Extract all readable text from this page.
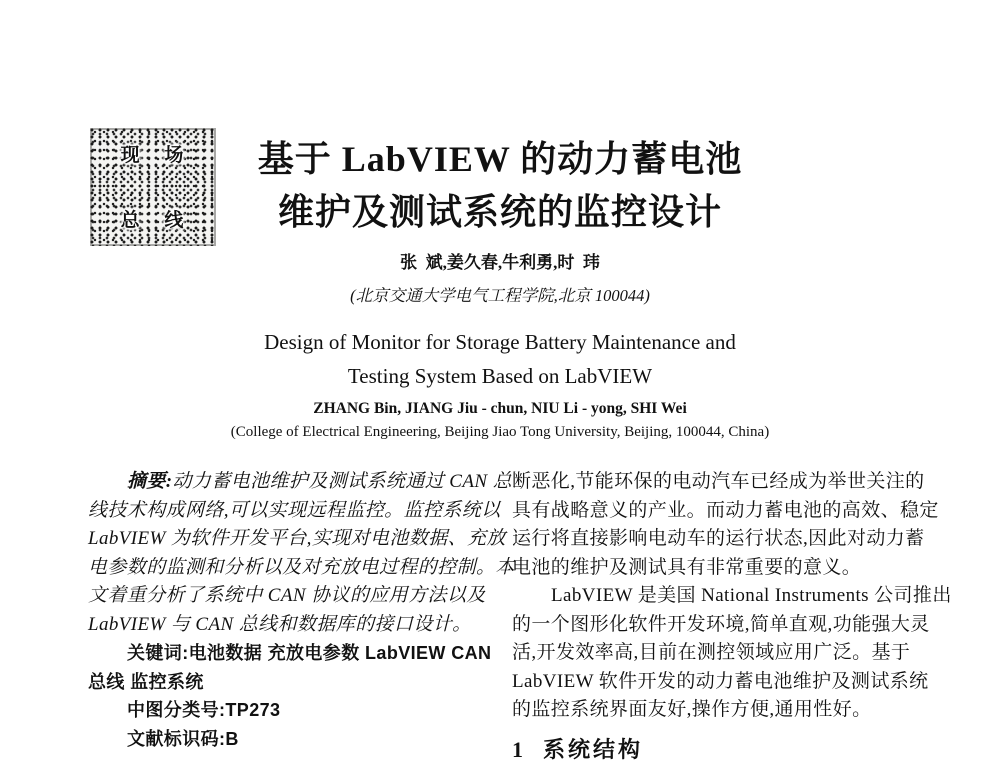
现 场
总 线
基于 LabVIEW 的动力蓄电池
维护及测试系统的监控设计
张  斌,姜久春,牛利勇,时  玮
(北京交通大学电气工程学院,北京 100044)
Design of Monitor for Storage Battery Maintenance and
Testing System Based on LabVIEW
ZHANG Bin, JIANG Jiu - chun, NIU Li - yong, SHI Wei
(College of Electrical Engineering, Beijing Jiao Tong University, Beijing, 100044, China)
摘要:动力蓄电池维护及测试系统通过 CAN 总
线技术构成网络,可以实现远程监控。监控系统以
LabVIEW 为软件开发平台,实现对电池数据、充放
电参数的监测和分析以及对充放电过程的控制。本
文着重分析了系统中 CAN 协议的应用方法以及
LabVIEW 与 CAN 总线和数据库的接口设计。
关键词:电池数据 充放电参数 LabVIEW CAN
总线 监控系统
中图分类号:TP273
文献标识码:B
断恶化,节能环保的电动汽车已经成为举世关注的
具有战略意义的产业。而动力蓄电池的高效、稳定
运行将直接影响电动车的运行状态,因此对动力蓄
电池的维护及测试具有非常重要的意义。
LabVIEW 是美国 National Instruments 公司推出
的一个图形化软件开发环境,简单直观,功能强大灵
活,开发效率高,目前在测控领域应用广泛。基于
LabVIEW 软件开发的动力蓄电池维护及测试系统
的监控系统界面友好,操作方便,通用性好。
1  系统结构
